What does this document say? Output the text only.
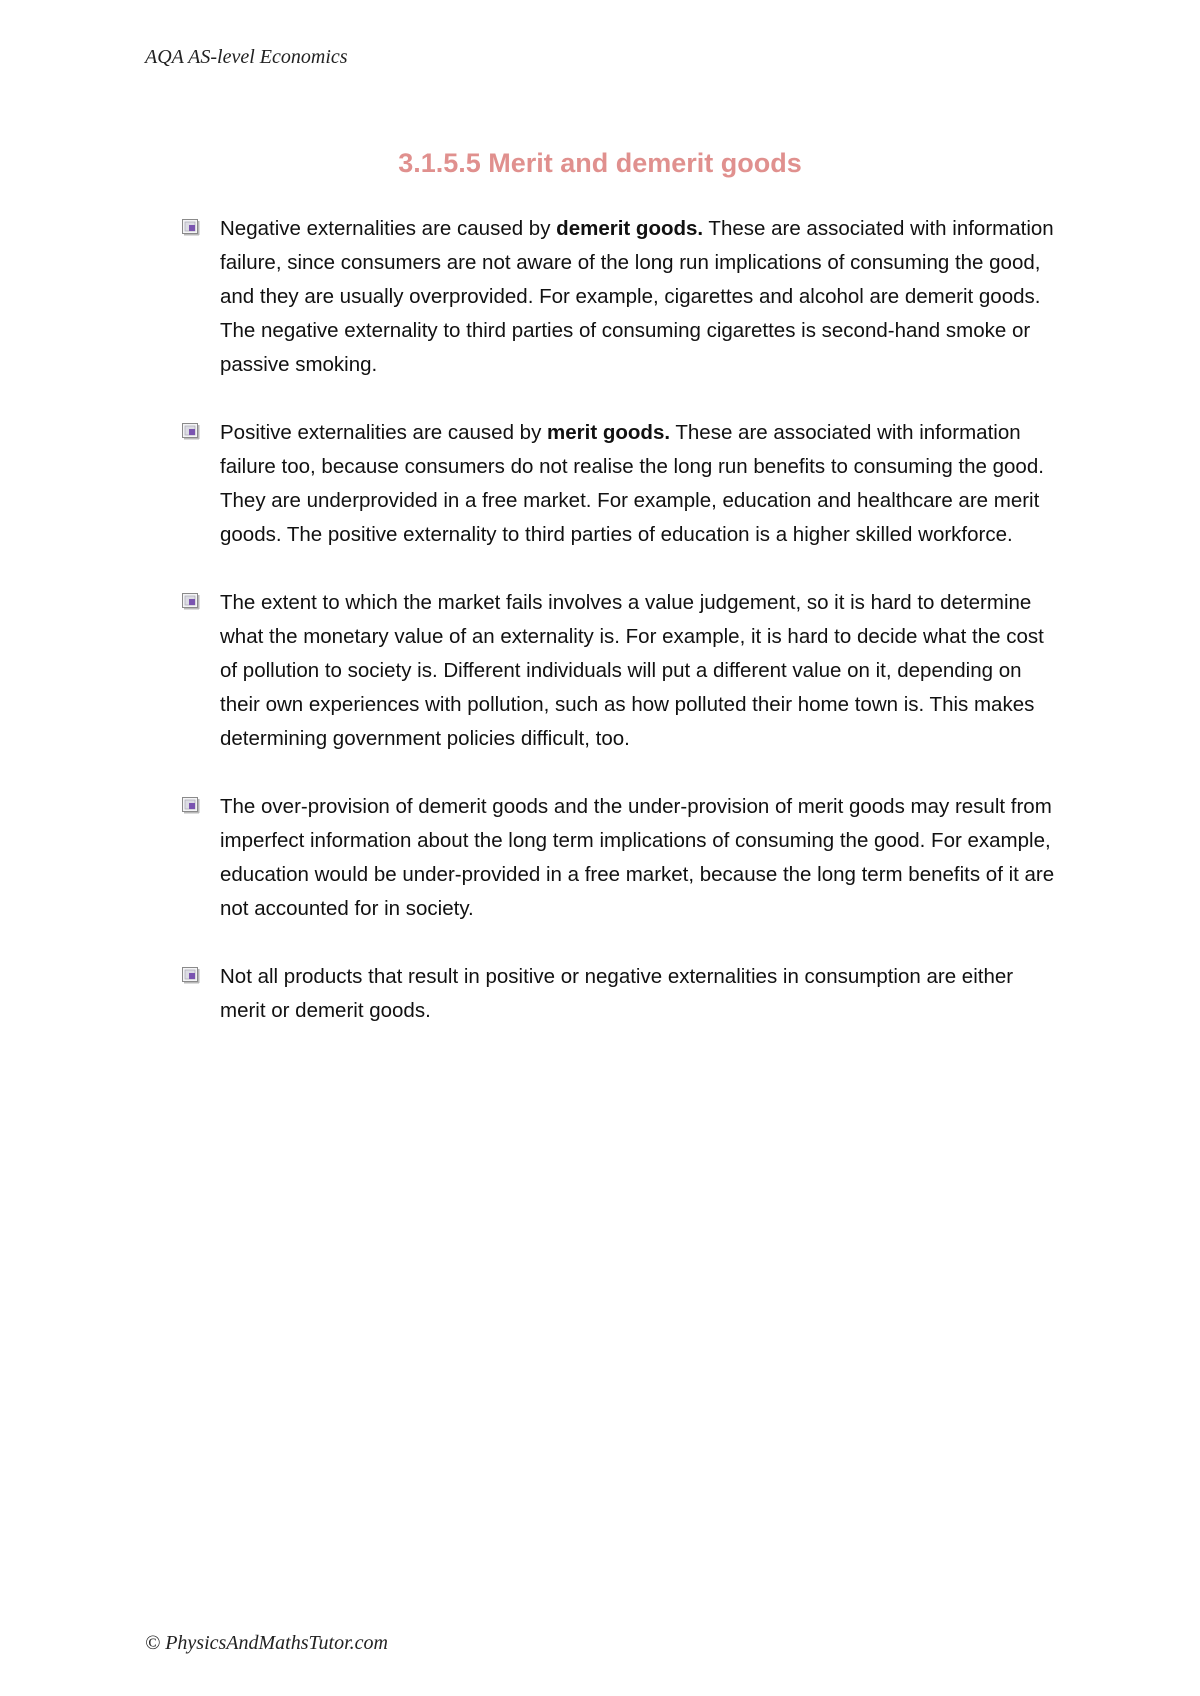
AQA AS-level Economics
3.1.5.5 Merit and demerit goods
Negative externalities are caused by demerit goods. These are associated with information failure, since consumers are not aware of the long run implications of consuming the good, and they are usually overprovided. For example, cigarettes and alcohol are demerit goods. The negative externality to third parties of consuming cigarettes is second-hand smoke or passive smoking.
Positive externalities are caused by merit goods. These are associated with information failure too, because consumers do not realise the long run benefits to consuming the good. They are underprovided in a free market. For example, education and healthcare are merit goods. The positive externality to third parties of education is a higher skilled workforce.
The extent to which the market fails involves a value judgement, so it is hard to determine what the monetary value of an externality is. For example, it is hard to decide what the cost of pollution to society is. Different individuals will put a different value on it, depending on their own experiences with pollution, such as how polluted their home town is. This makes determining government policies difficult, too.
The over-provision of demerit goods and the under-provision of merit goods may result from imperfect information about the long term implications of consuming the good. For example, education would be under-provided in a free market, because the long term benefits of it are not accounted for in society.
Not all products that result in positive or negative externalities in consumption are either merit or demerit goods.
© PhysicsAndMathsTutor.com
